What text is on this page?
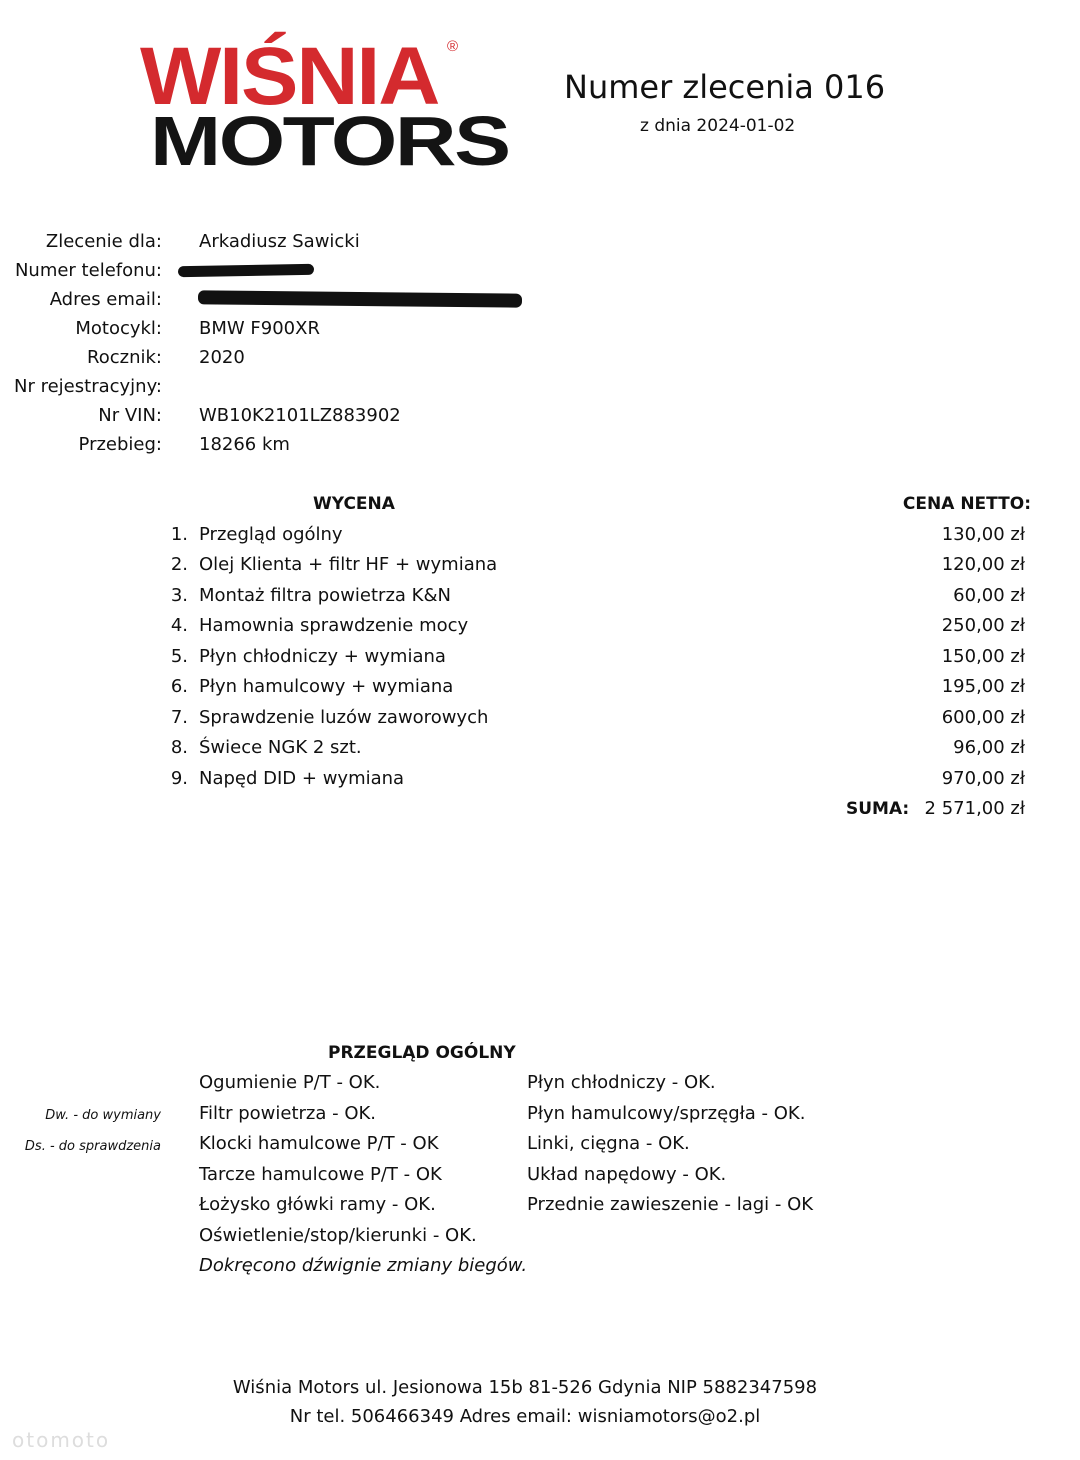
WIŚNIA ®
MOTORS
Numer zlecenia 016
z dnia 2024-01-02
Zlecenie dla: Arkadiusz Sawicki
Numer telefonu:
Adres email:
Motocykl: BMW F900XR
Rocznik: 2020
Nr rejestracyjny:
Nr VIN: WB10K2101LZ883902
Przebieg: 18266 km
WYCENA	CENA NETTO:
1. Przegląd ogólny	130,00 zł
2. Olej Klienta + filtr HF + wymiana	120,00 zł
3. Montaż filtra powietrza K&N	60,00 zł
4. Hamownia sprawdzenie mocy	250,00 zł
5. Płyn chłodniczy + wymiana	150,00 zł
6. Płyn hamulcowy + wymiana	195,00 zł
7. Sprawdzenie luzów zaworowych	600,00 zł
8. Świece NGK 2 szt.	96,00 zł
9. Napęd DID + wymiana	970,00 zł
SUMA: 2 571,00 zł
PRZEGLĄD OGÓLNY
Dw. - do wymiany
Ds. - do sprawdzenia
Ogumienie P/T - OK.
Filtr powietrza - OK.
Klocki hamulcowe P/T - OK
Tarcze hamulcowe P/T - OK
Łożysko główki ramy - OK.
Oświetlenie/stop/kierunki - OK.
Dokręcono dźwignie zmiany biegów.
Płyn chłodniczy - OK.
Płyn hamulcowy/sprzęgła - OK.
Linki, cięgna - OK.
Układ napędowy - OK.
Przednie zawieszenie - lagi - OK
Wiśnia Motors ul. Jesionowa 15b 81-526 Gdynia NIP 5882347598
Nr tel. 506466349 Adres email: wisniamotors@o2.pl
otomoto
